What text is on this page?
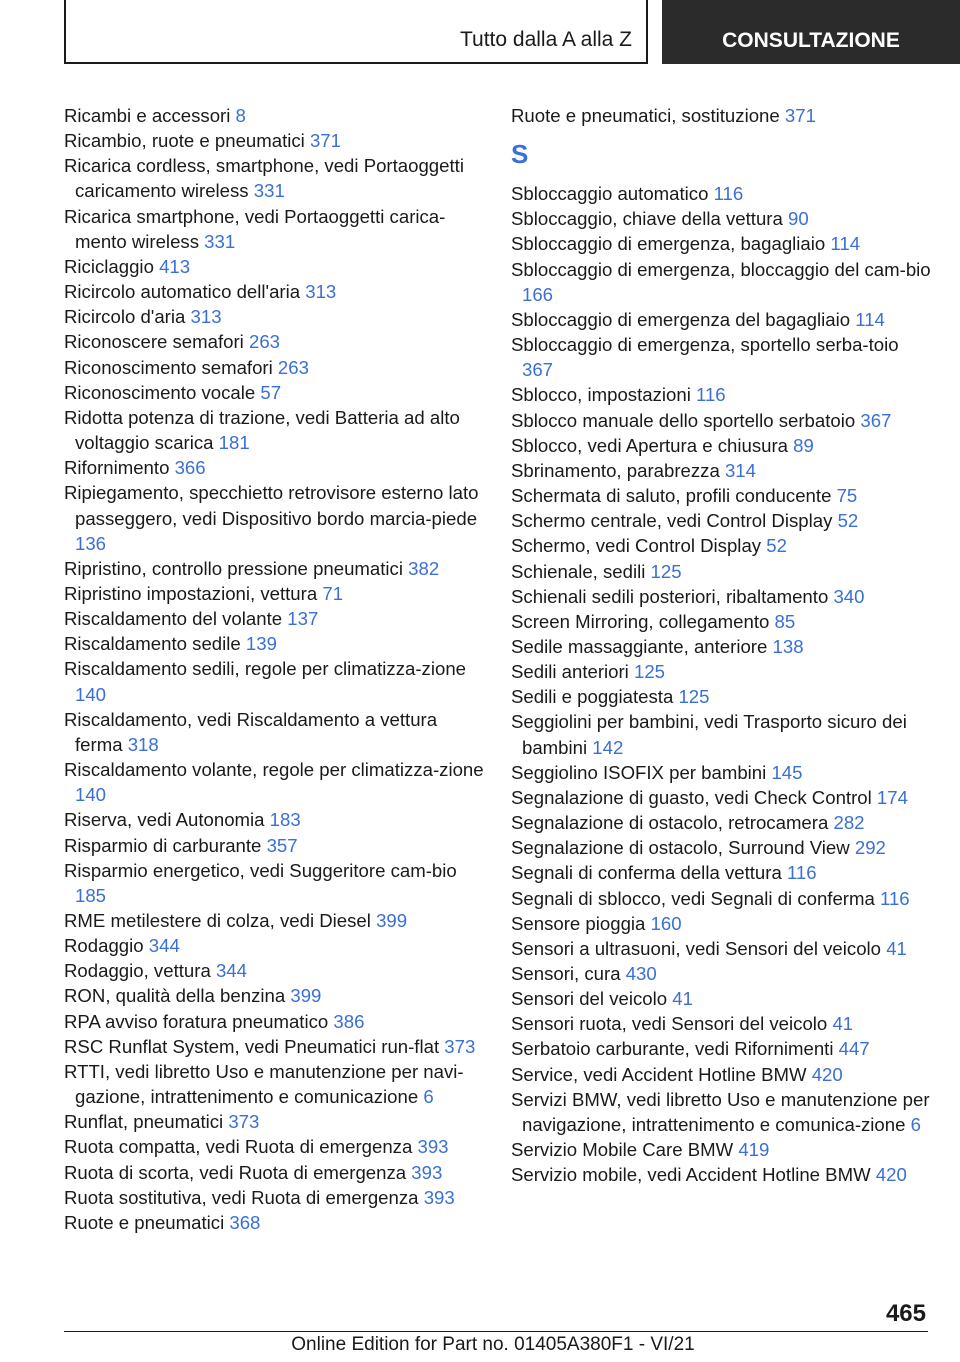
Tutto dalla A alla Z	CONSULTAZIONE
Ricambi e accessori 8
Ricambio, ruote e pneumatici 371
Ricarica cordless, smartphone, vedi Portaoggetti caricamento wireless 331
Ricarica smartphone, vedi Portaoggetti carica‐mento wireless 331
Riciclaggio 413
Ricircolo automatico dell'aria 313
Ricircolo d'aria 313
Riconoscere semafori 263
Riconoscimento semafori 263
Riconoscimento vocale 57
Ridotta potenza di trazione, vedi Batteria ad alto voltaggio scarica 181
Rifornimento 366
Ripiegamento, specchietto retrovisore esterno lato passeggero, vedi Dispositivo bordo marcia‐piede 136
Ripristino, controllo pressione pneumatici 382
Ripristino impostazioni, vettura 71
Riscaldamento del volante 137
Riscaldamento sedile 139
Riscaldamento sedili, regole per climatizza‐zione 140
Riscaldamento, vedi Riscaldamento a vettura ferma 318
Riscaldamento volante, regole per climatizza‐zione 140
Riserva, vedi Autonomia 183
Risparmio di carburante 357
Risparmio energetico, vedi Suggeritore cam‐bio 185
RME metilestere di colza, vedi Diesel 399
Rodaggio 344
Rodaggio, vettura 344
RON, qualità della benzina 399
RPA avviso foratura pneumatico 386
RSC Runflat System, vedi Pneumatici run‐flat 373
RTTI, vedi libretto Uso e manutenzione per navi‐gazione, intrattenimento e comunicazione 6
Runflat, pneumatici 373
Ruota compatta, vedi Ruota di emergenza 393
Ruota di scorta, vedi Ruota di emergenza 393
Ruota sostitutiva, vedi Ruota di emergenza 393
Ruote e pneumatici 368
Ruote e pneumatici, sostituzione 371
S
Sbloccaggio automatico 116
Sbloccaggio, chiave della vettura 90
Sbloccaggio di emergenza, bagagliaio 114
Sbloccaggio di emergenza, bloccaggio del cam‐bio 166
Sbloccaggio di emergenza del bagagliaio 114
Sbloccaggio di emergenza, sportello serba‐toio 367
Sblocco, impostazioni 116
Sblocco manuale dello sportello serbatoio 367
Sblocco, vedi Apertura e chiusura 89
Sbrinamento, parabrezza 314
Schermata di saluto, profili conducente 75
Schermo centrale, vedi Control Display 52
Schermo, vedi Control Display 52
Schienale, sedili 125
Schienali sedili posteriori, ribaltamento 340
Screen Mirroring, collegamento 85
Sedile massaggiante, anteriore 138
Sedili anteriori 125
Sedili e poggiatesta 125
Seggiolini per bambini, vedi Trasporto sicuro dei bambini 142
Seggiolino ISOFIX per bambini 145
Segnalazione di guasto, vedi Check Control 174
Segnalazione di ostacolo, retrocamera 282
Segnalazione di ostacolo, Surround View 292
Segnali di conferma della vettura 116
Segnali di sblocco, vedi Segnali di conferma 116
Sensore pioggia 160
Sensori a ultrasuoni, vedi Sensori del veicolo 41
Sensori, cura 430
Sensori del veicolo 41
Sensori ruota, vedi Sensori del veicolo 41
Serbatoio carburante, vedi Rifornimenti 447
Service, vedi Accident Hotline BMW 420
Servizi BMW, vedi libretto Uso e manutenzione per navigazione, intrattenimento e comunica‐zione 6
Servizio Mobile Care BMW 419
Servizio mobile, vedi Accident Hotline BMW 420
465
Online Edition for Part no. 01405A380F1 - VI/21
